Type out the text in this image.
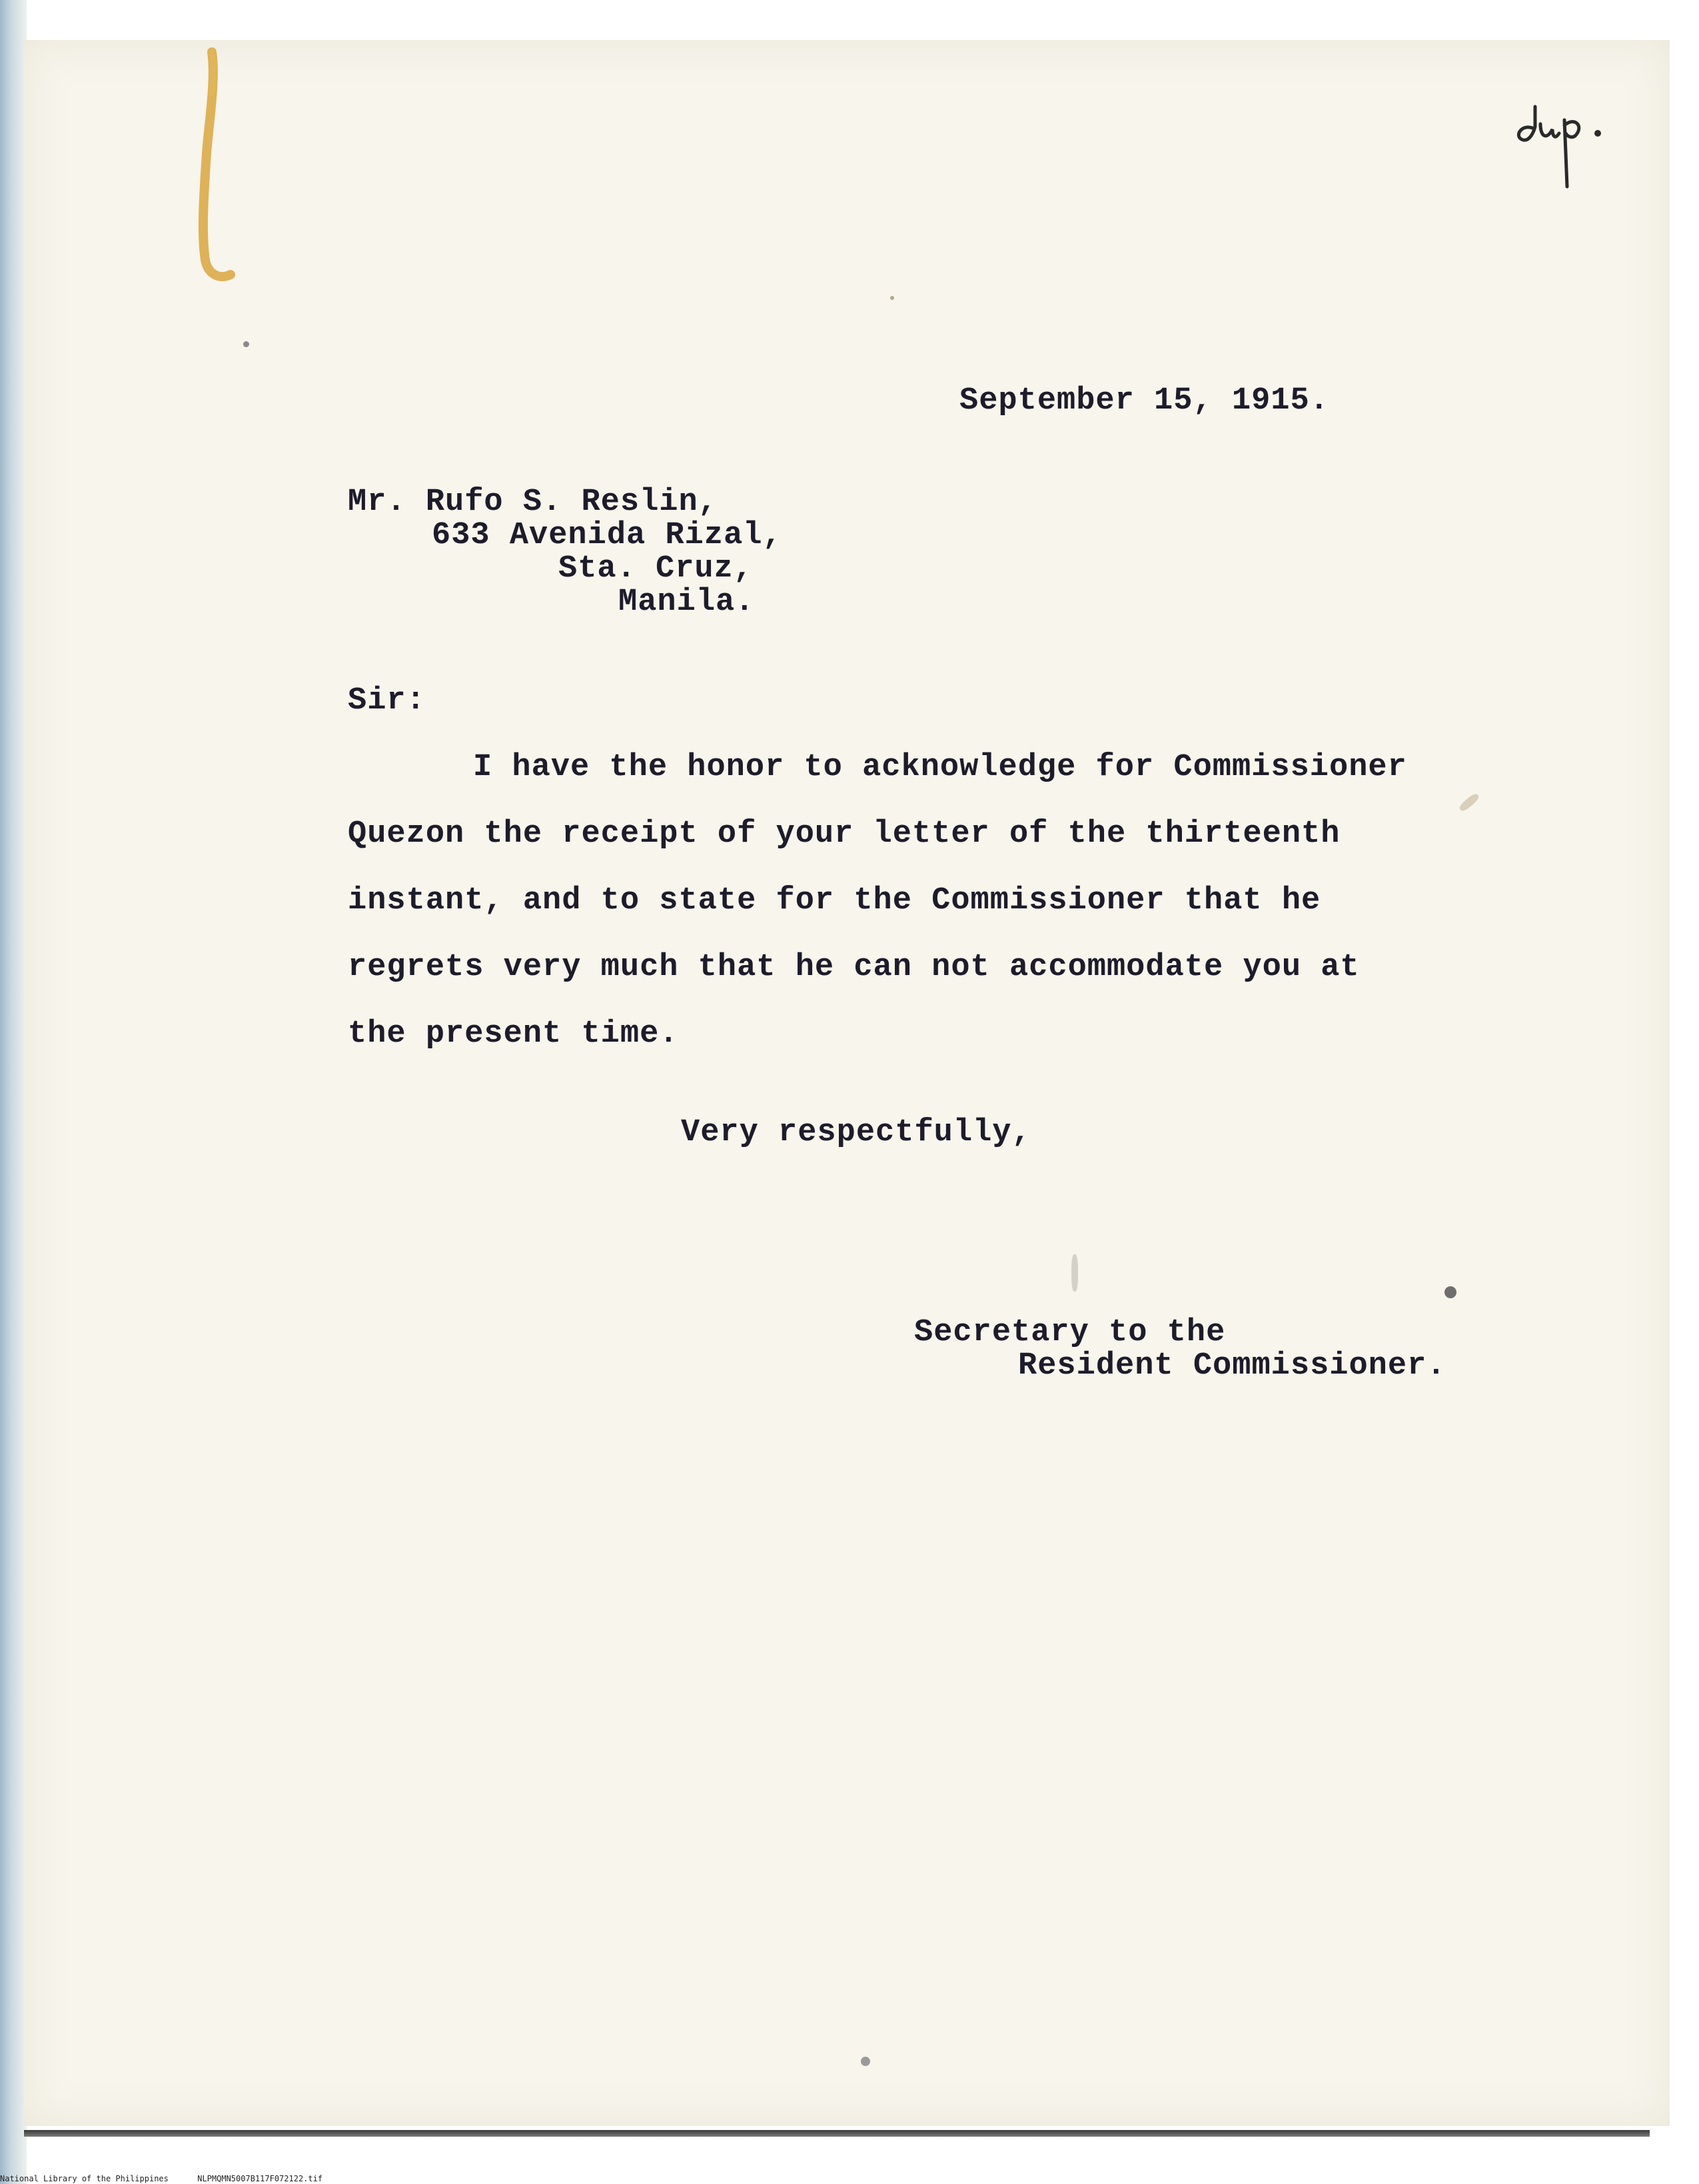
September 15, 1915.
Mr. Rufo S. Reslin,
633 Avenida Rizal,
Sta. Cruz,
Manila.
Sir:
I have the honor to acknowledge for Commissioner
Quezon the receipt of your letter of the thirteenth
instant, and to state for the Commissioner that he
regrets very much that he can not accommodate you at
the present time.
Very respectfully,
Secretary to the
Resident Commissioner.
National Library of the Philippines	NLPMQMN5007B117F072122.tif
